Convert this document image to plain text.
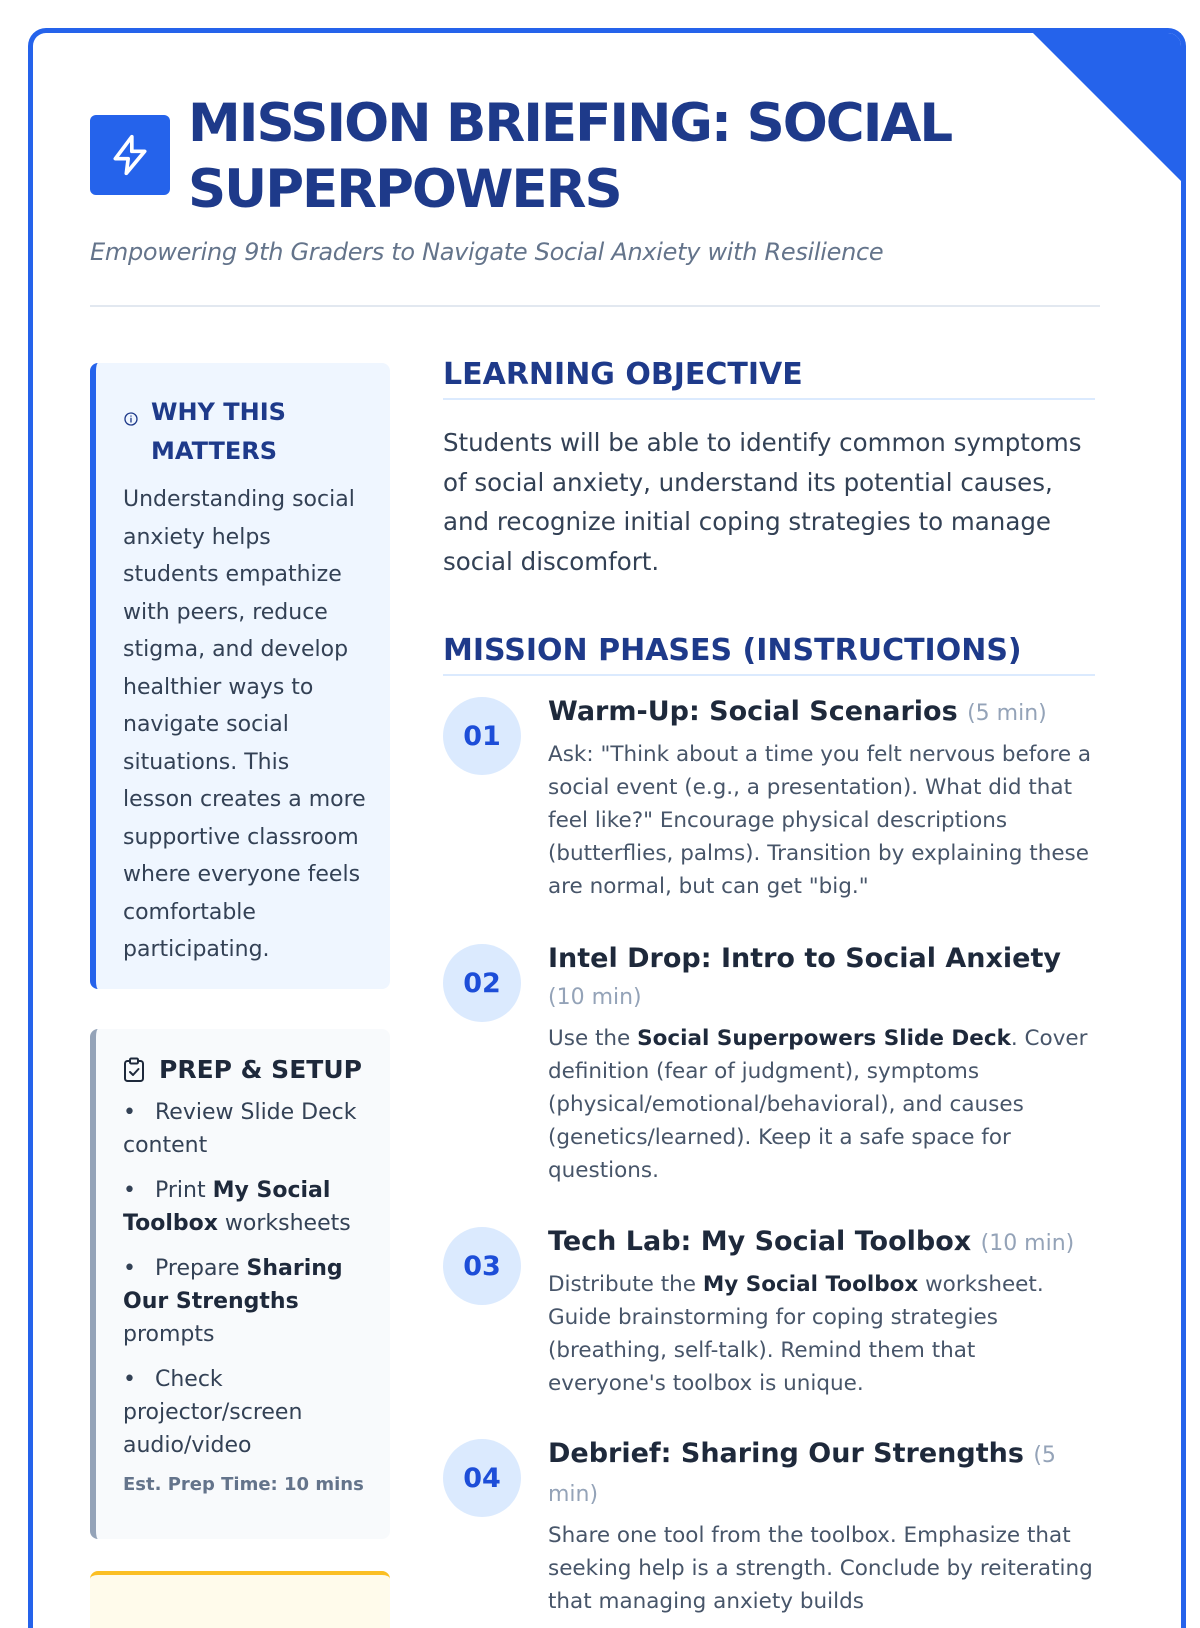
MISSION BRIEFING: SOCIAL SUPERPOWERS
Empowering 9th Graders to Navigate Social Anxiety with Resilience
WHY THIS MATTERS
Understanding social anxiety helps students empathize with peers, reduce stigma, and develop healthier ways to navigate social situations. This lesson creates a more supportive classroom where everyone feels comfortable participating.
PREP & SETUP
• Review Slide Deck content
• Print My Social Toolbox worksheets
• Prepare Sharing Our Strengths prompts
• Check projector/screen audio/video
Est. Prep Time: 10 mins
LEARNING OBJECTIVE
Students will be able to identify common symptoms of social anxiety, understand its potential causes, and recognize initial coping strategies to manage social discomfort.
MISSION PHASES (INSTRUCTIONS)
01
Warm-Up: Social Scenarios (5 min)
Ask: "Think about a time you felt nervous before a social event (e.g., a presentation). What did that feel like?" Encourage physical descriptions (butterflies, palms). Transition by explaining these are normal, but can get "big."
02
Intel Drop: Intro to Social Anxiety (10 min)
Use the Social Superpowers Slide Deck. Cover definition (fear of judgment), symptoms (physical/emotional/behavioral), and causes (genetics/learned). Keep it a safe space for questions.
03
Tech Lab: My Social Toolbox (10 min)
Distribute the My Social Toolbox worksheet. Guide brainstorming for coping strategies (breathing, self-talk). Remind them that everyone's toolbox is unique.
04
Debrief: Sharing Our Strengths (5 min)
Share one tool from the toolbox. Emphasize that seeking help is a strength. Conclude by reiterating that managing anxiety builds
